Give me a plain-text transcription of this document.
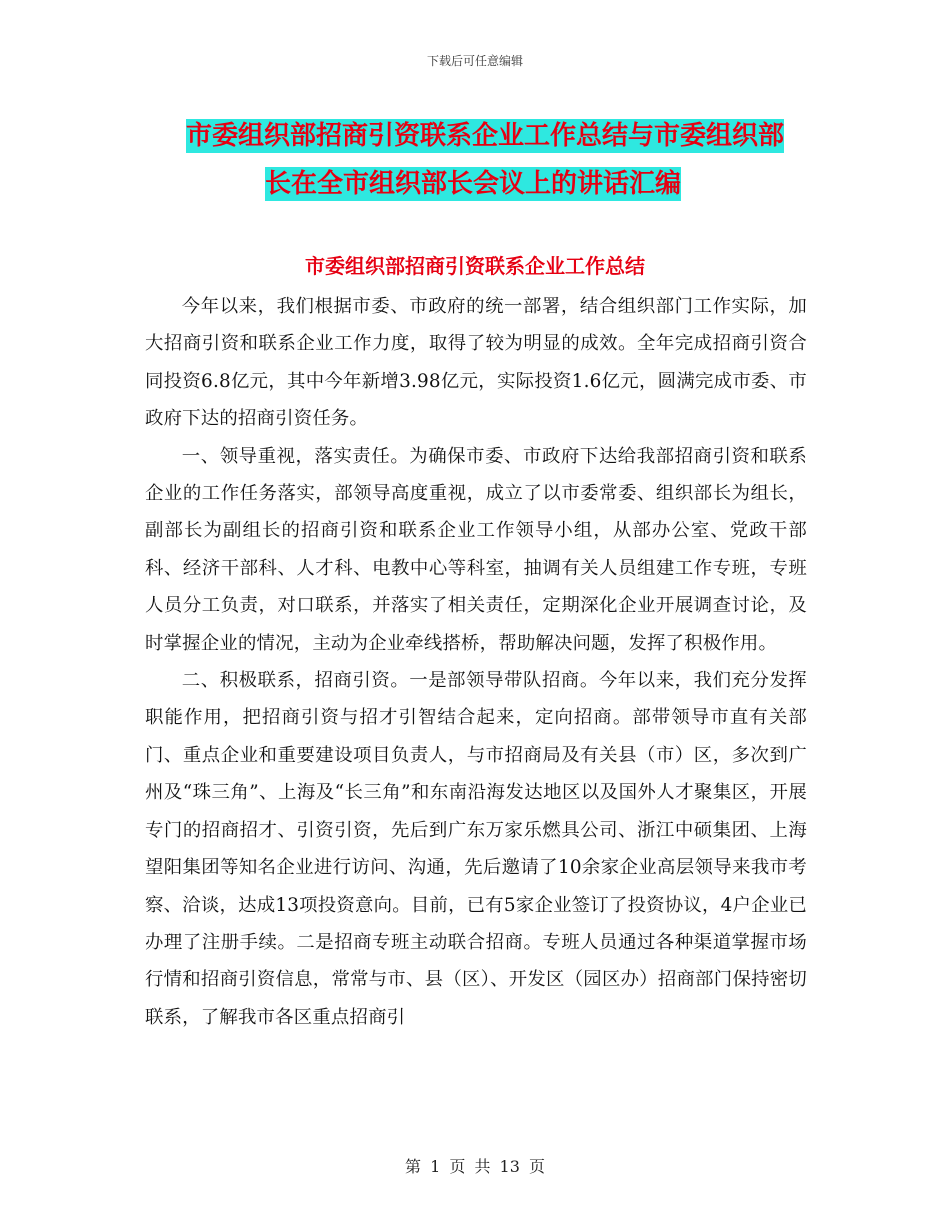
下载后可任意编辑
市委组织部招商引资联系企业工作总结与市委组织部
长在全市组织部长会议上的讲话汇编
市委组织部招商引资联系企业工作总结

今年以来，我们根据市委、市政府的统一部署，结合组织部门工作实际，加大招商引资和联系企业工作力度，取得了较为明显的成效。全年完成招商引资合同投资6.8亿元，其中今年新增3.98亿元，实际投资1.6亿元，圆满完成市委、市政府下达的招商引资任务。

一、领导重视，落实责任。为确保市委、市政府下达给我部招商引资和联系企业的工作任务落实，部领导高度重视，成立了以市委常委、组织部长为组长，副部长为副组长的招商引资和联系企业工作领导小组，从部办公室、党政干部科、经济干部科、人才科、电教中心等科室，抽调有关人员组建工作专班，专班人员分工负责，对口联系，并落实了相关责任，定期深化企业开展调查讨论，及时掌握企业的情况，主动为企业牵线搭桥，帮助解决问题，发挥了积极作用。

二、积极联系，招商引资。一是部领导带队招商。今年以来，我们充分发挥职能作用，把招商引资与招才引智结合起来，定向招商。部带领导市直有关部门、重点企业和重要建设项目负责人，与市招商局及有关县（市）区，多次到广州及“珠三角”、上海及“长三角”和东南沿海发达地区以及国外人才聚集区，开展专门的招商招才、引资引资，先后到广东万家乐燃具公司、浙江中硕集团、上海望阳集团等知名企业进行访问、沟通，先后邀请了10余家企业高层领导来我市考察、洽谈，达成13项投资意向。目前，已有5家企业签订了投资协议，4户企业已办理了注册手续。二是招商专班主动联合招商。专班人员通过各种渠道掌握市场行情和招商引资信息，常常与市、县（区）、开发区（园区办）招商部门保持密切联系，了解我市各区重点招商引

第 1 页 共 13 页
